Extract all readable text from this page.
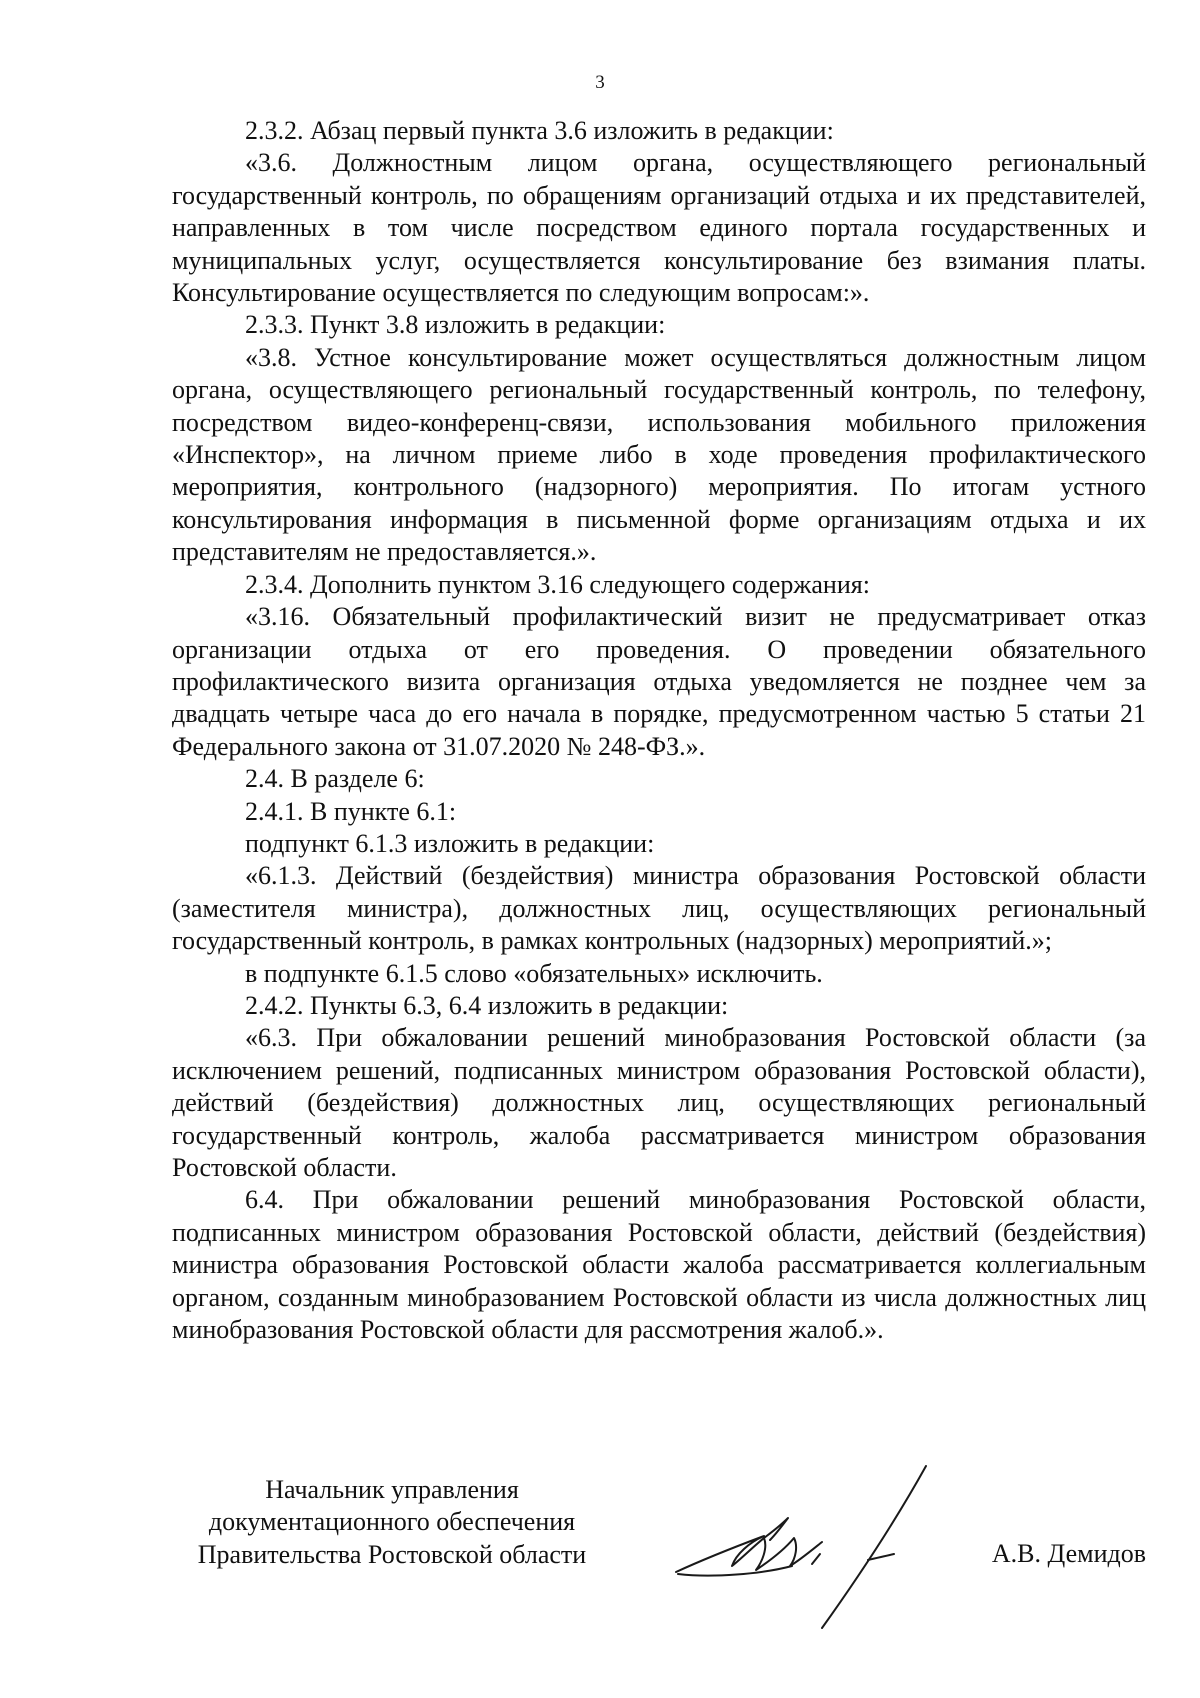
3

2.3.2. Абзац первый пункта 3.6 изложить в редакции:

«3.6. Должностным лицом органа, осуществляющего региональный государственный контроль, по обращениям организаций отдыха и их представителей, направленных в том числе посредством единого портала государственных и муниципальных услуг, осуществляется консультирование без взимания платы. Консультирование осуществляется по следующим вопросам:».

2.3.3. Пункт 3.8 изложить в редакции:

«3.8. Устное консультирование может осуществляться должностным лицом органа, осуществляющего региональный государственный контроль, по телефону, посредством видео-конференц-связи, использования мобильного приложения «Инспектор», на личном приеме либо в ходе проведения профилактического мероприятия, контрольного (надзорного) мероприятия. По итогам устного консультирования информация в письменной форме организациям отдыха и их представителям не предоставляется.».

2.3.4. Дополнить пунктом 3.16 следующего содержания:

«3.16. Обязательный профилактический визит не предусматривает отказ организации отдыха от его проведения. О проведении обязательного профилактического визита организация отдыха уведомляется не позднее чем за двадцать четыре часа до его начала в порядке, предусмотренном частью 5 статьи 21 Федерального закона от 31.07.2020 № 248-ФЗ.».

2.4. В разделе 6:

2.4.1. В пункте 6.1:

подпункт 6.1.3 изложить в редакции:

«6.1.3. Действий (бездействия) министра образования Ростовской области (заместителя министра), должностных лиц, осуществляющих региональный государственный контроль, в рамках контрольных (надзорных) мероприятий.»;

в подпункте 6.1.5 слово «обязательных» исключить.

2.4.2. Пункты 6.3, 6.4 изложить в редакции:

«6.3. При обжаловании решений минобразования Ростовской области (за исключением решений, подписанных министром образования Ростовской области), действий (бездействия) должностных лиц, осуществляющих региональный государственный контроль, жалоба рассматривается министром образования Ростовской области.

6.4. При обжаловании решений минобразования Ростовской области, подписанных министром образования Ростовской области, действий (бездействия) министра образования Ростовской области жалоба рассматривается коллегиальным органом, созданным минобразованием Ростовской области из числа должностных лиц минобразования Ростовской области для рассмотрения жалоб.».

Начальник управления
документационного обеспечения
Правительства Ростовской области	А.В. Демидов
